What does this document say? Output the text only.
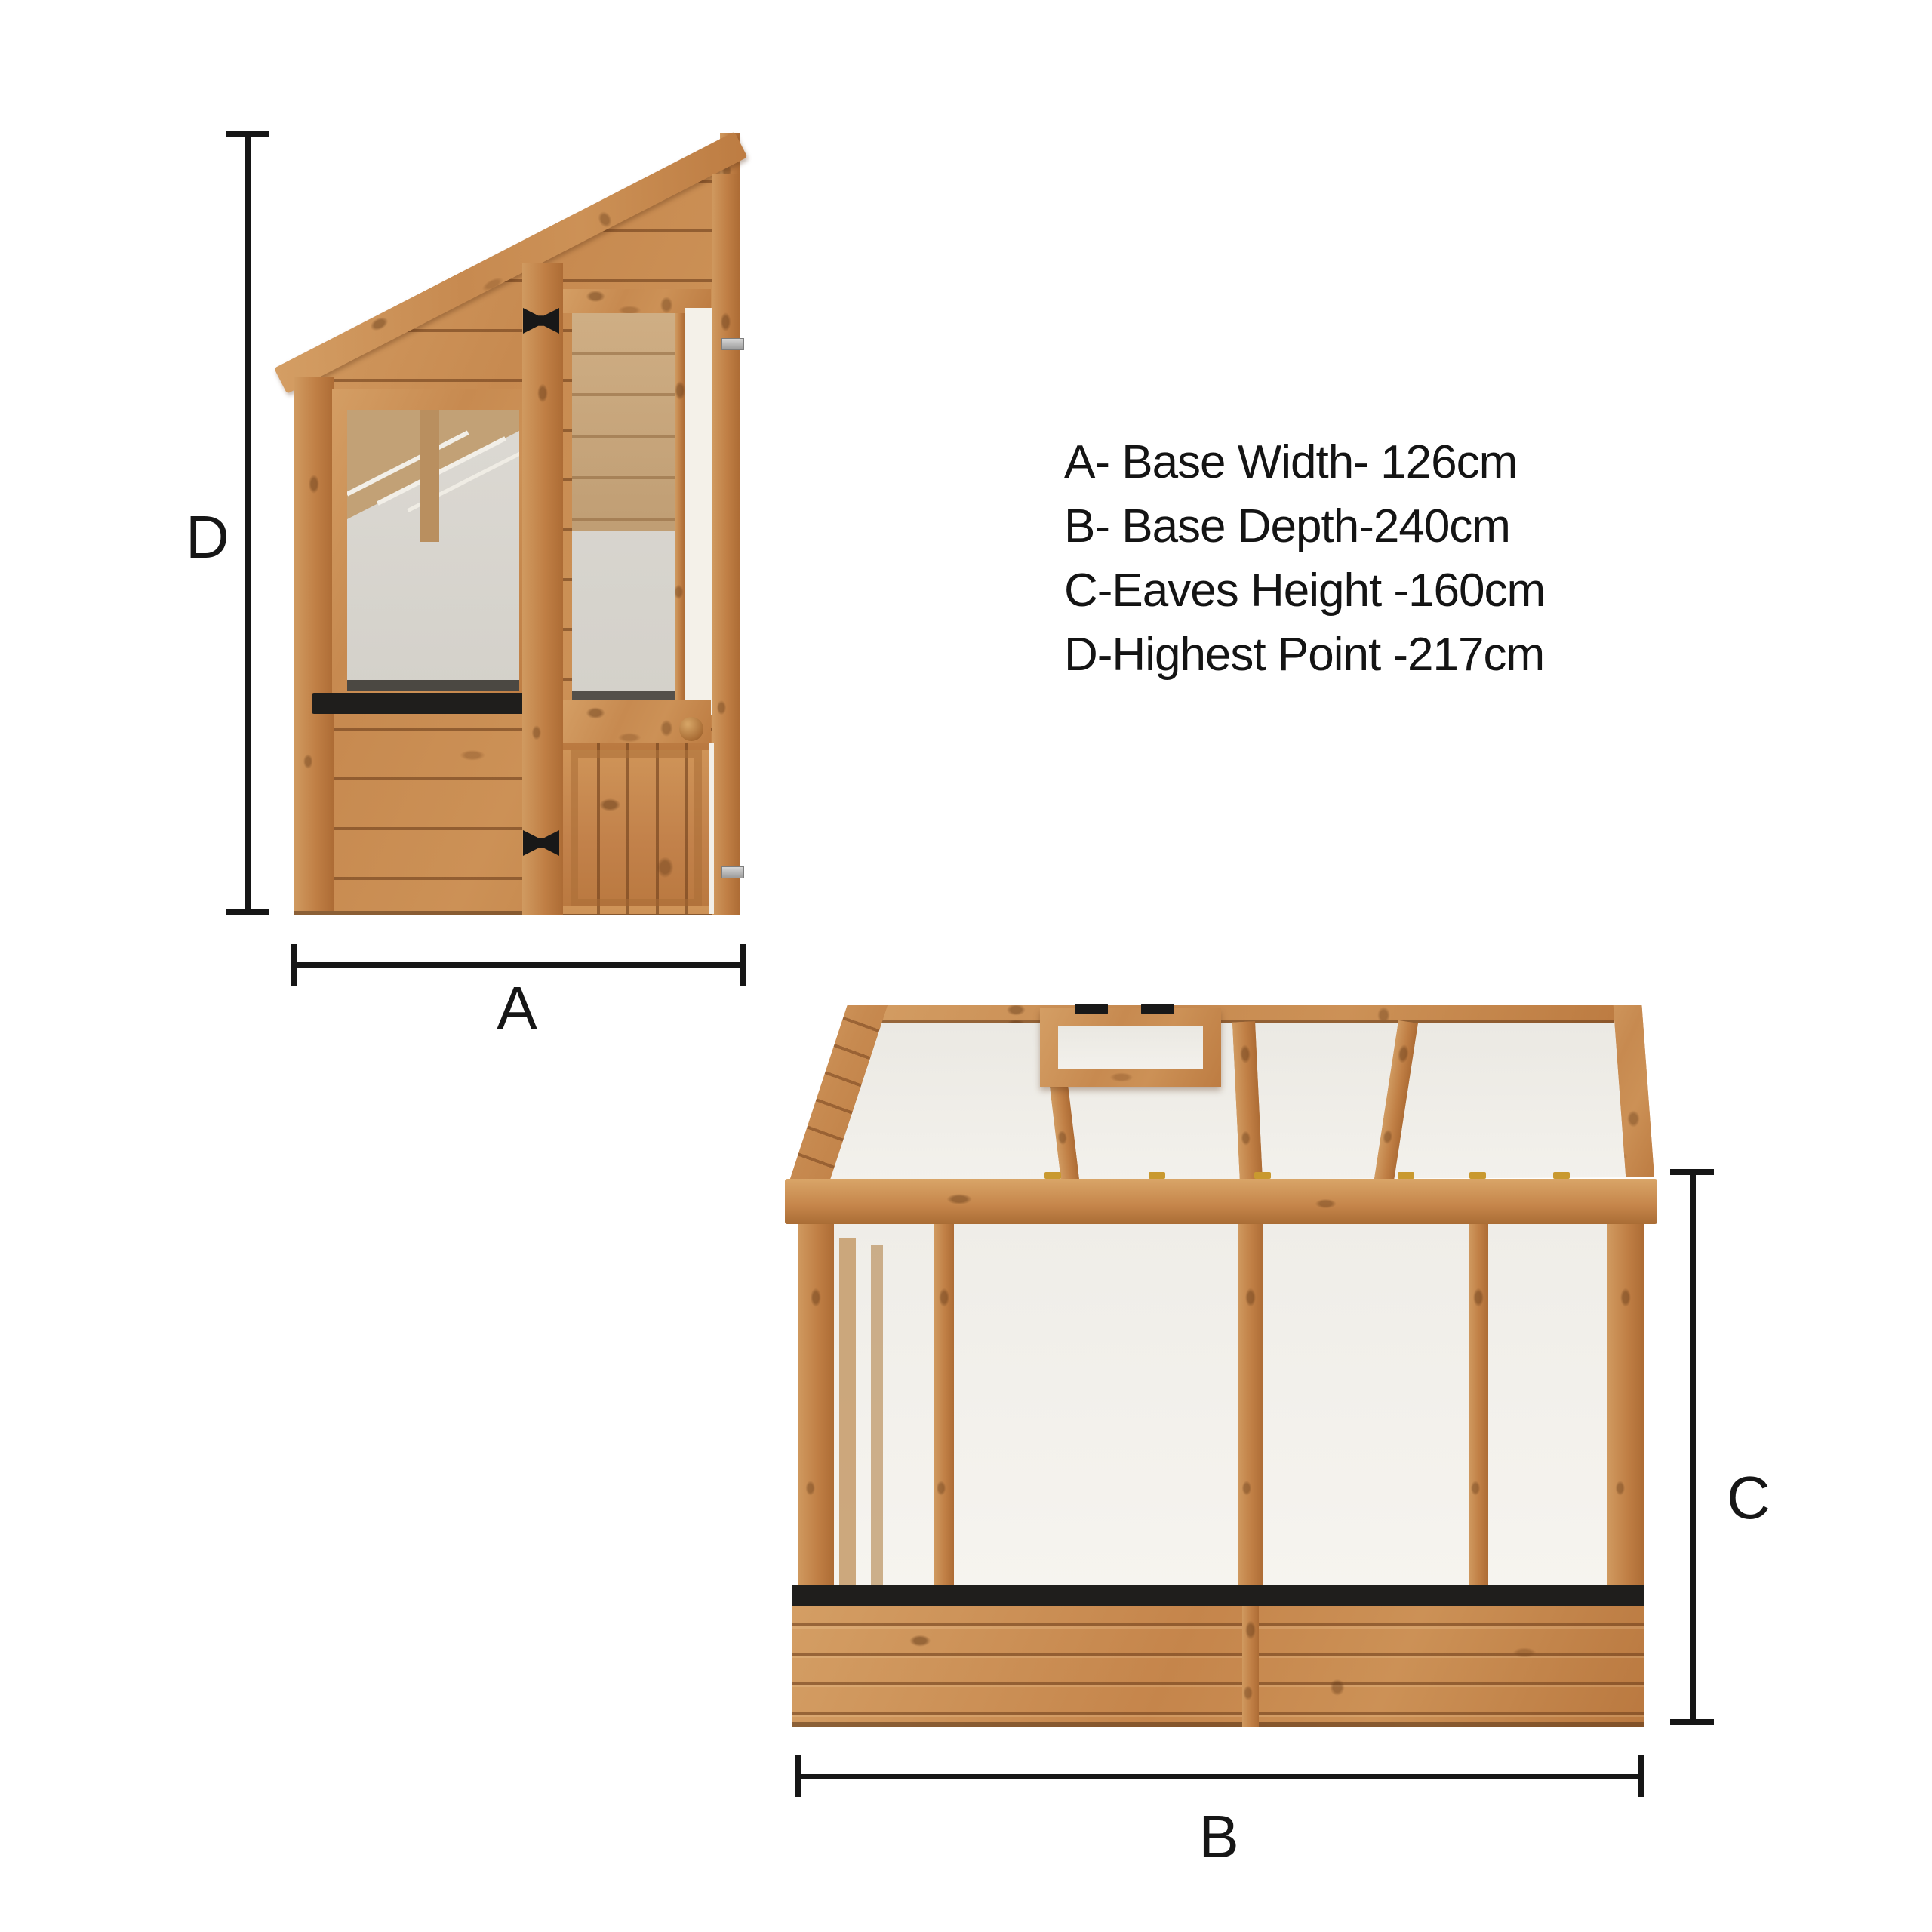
D
A
C
B
A- Base Width- 126cm
B- Base Depth-240cm
C-Eaves Height -160cm
D-Highest Point -217cm
